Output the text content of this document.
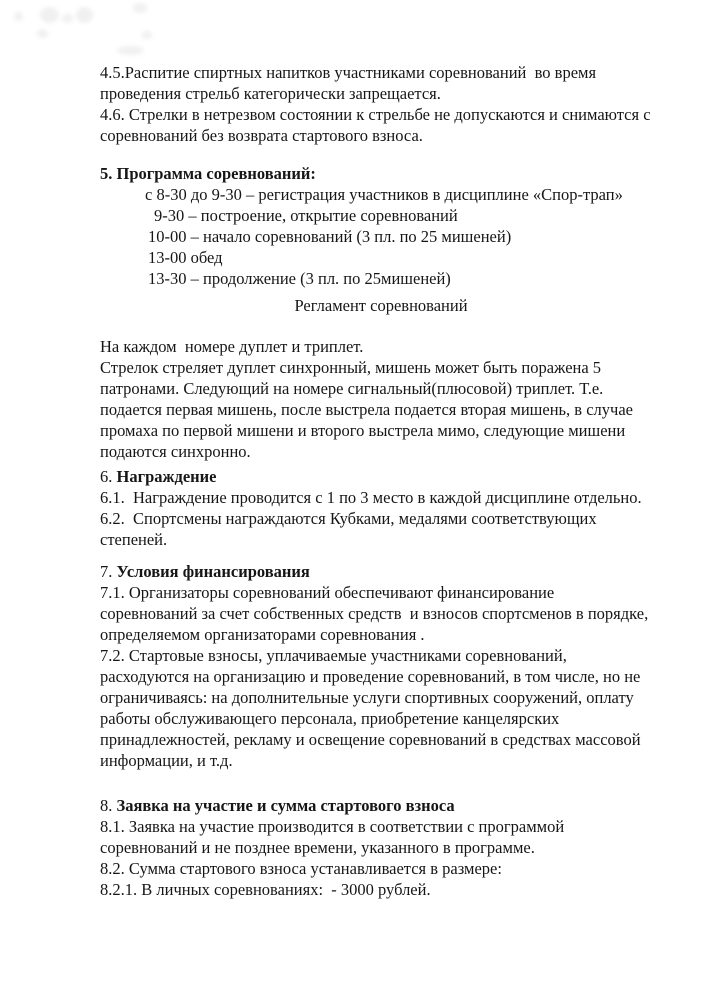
4.5.Распитие спиртных напитков участниками соревнований  во время
проведения стрельб категорически запрещается.
4.6. Стрелки в нетрезвом состоянии к стрельбе не допускаются и снимаются с
соревнований без возврата стартового взноса.
5. Программа соревнований:
с 8-30 до 9-30 – регистрация участников в дисциплине «Спор-трап»
9-30 – построение, открытие соревнований
10-00 – начало соревнований (3 пл. по 25 мишеней)
13-00 обед
13-30 – продолжение (3 пл. по 25мишеней)
Регламент соревнований
На каждом  номере дуплет и триплет.
Стрелок стреляет дуплет синхронный, мишень может быть поражена 5
патронами. Следующий на номере сигнальный(плюсовой) триплет. Т.е.
подается первая мишень, после выстрела подается вторая мишень, в случае
промаха по первой мишени и второго выстрела мимо, следующие мишени
подаются синхронно.
6. Награждение
6.1.  Награждение проводится с 1 по 3 место в каждой дисциплине отдельно.
6.2.  Спортсмены награждаются Кубками, медалями соответствующих
степеней.
7. Условия финансирования
7.1. Организаторы соревнований обеспечивают финансирование
соревнований за счет собственных средств  и взносов спортсменов в порядке,
определяемом организаторами соревнования .
7.2. Стартовые взносы, уплачиваемые участниками соревнований,
расходуются на организацию и проведение соревнований, в том числе, но не
ограничиваясь: на дополнительные услуги спортивных сооружений, оплату
работы обслуживающего персонала, приобретение канцелярских
принадлежностей, рекламу и освещение соревнований в средствах массовой
информации, и т.д.
8. Заявка на участие и сумма стартового взноса
8.1. Заявка на участие производится в соответствии с программой
соревнований и не позднее времени, указанного в программе.
8.2. Сумма стартового взноса устанавливается в размере:
8.2.1. В личных соревнованиях:  - 3000 рублей.
